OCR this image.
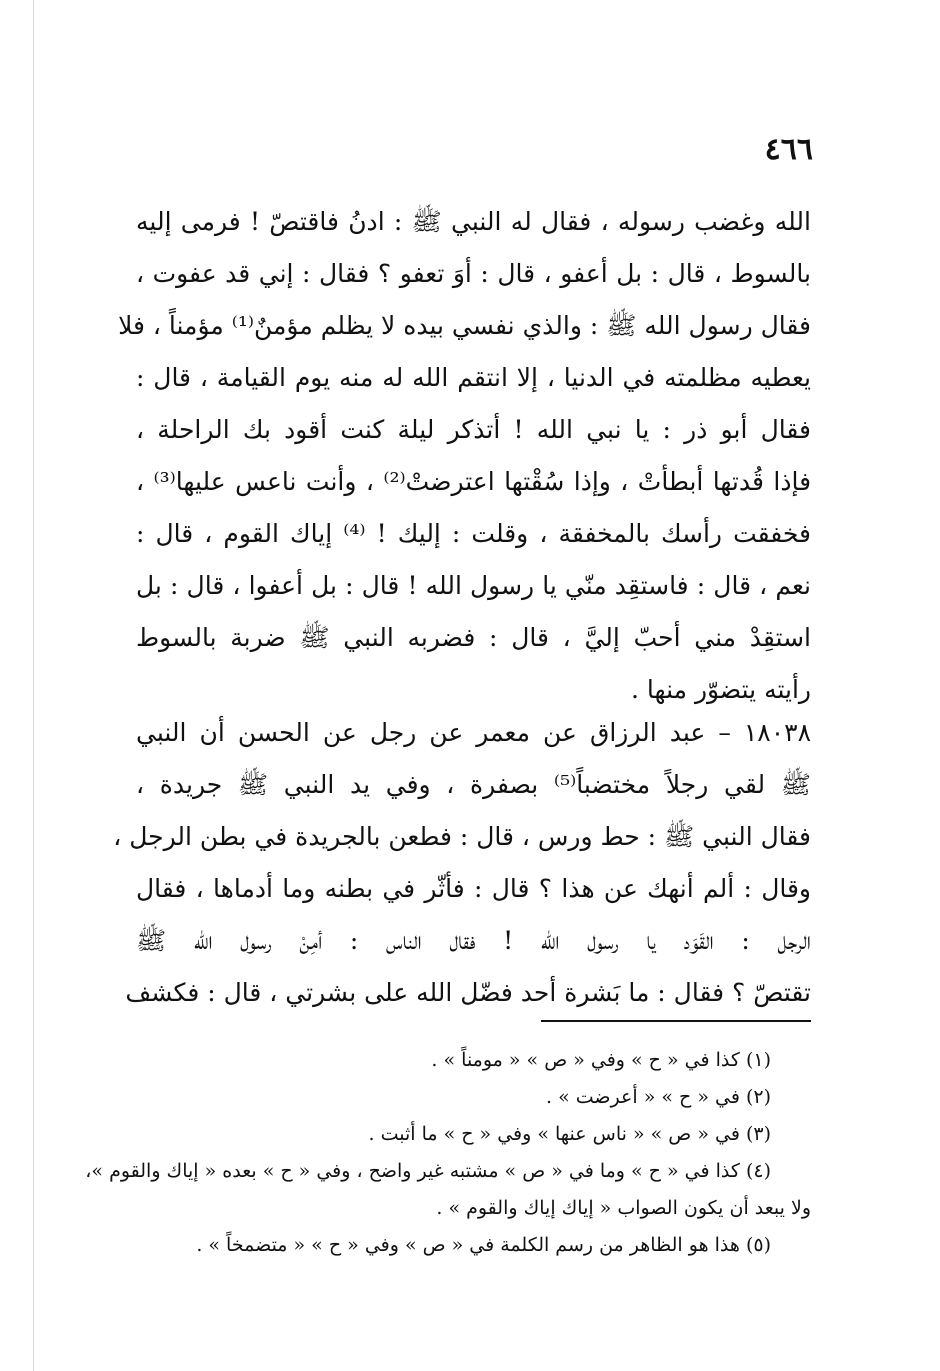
٤٦٦
الله وغضب رسوله ، فقال له النبي ﷺ : ادنُ فاقتصّ ! فرمى إليه
بالسوط ، قال : بل أعفو ، قال : أوَ تعفو ؟ فقال : إني قد عفوت ،
فقال رسول الله ﷺ : والذي نفسي بيده لا يظلم مؤمنٌ⁽¹⁾ مؤمناً ، فلا
يعطيه مظلمته في الدنيا ، إلا انتقم الله له منه يوم القيامة ، قال :
فقال أبو ذر : يا نبي الله ! أتذكر ليلة كنت أقود بك الراحلة ،
فإذا قُدتها أبطأتْ ، وإذا سُقْتها اعترضتْ⁽²⁾ ، وأنت ناعس عليها⁽³⁾ ،
فخفقت رأسك بالمخفقة ، وقلت : إليك ! ⁽⁴⁾ إياك القوم ، قال :
نعم ، قال : فاستقِد منّي يا رسول الله ! قال : بل أعفوا ، قال : بل
استقِدْ مني أحبّ إليَّ ، قال : فضربه النبي ﷺ ضربة بالسوط
رأيته يتضوّر منها .
١٨٠٣٨ – عبد الرزاق عن معمر عن رجل عن الحسن أن النبي
ﷺ لقي رجلاً مختضباً⁽⁵⁾ بصفرة ، وفي يد النبي ﷺ جريدة ،
فقال النبي ﷺ : حط ورس ، قال : فطعن بالجريدة في بطن الرجل ،
وقال : ألم أنهك عن هذا ؟ قال : فأثّر في بطنه وما أدماها ، فقال
الرجل : القَوَد يا رسول الله ! فقال الناس : أمِنْ رسول الله ﷺ
تقتصّ ؟ فقال : ما بَشرة أحد فضّل الله على بشرتي ، قال : فكشف
(١) كذا في « ح » وفي « ص » « مومناً » .
(٢) في « ح » « أعرضت » .
(٣) في « ص » « ناس عنها » وفي « ح » ما أثبت .
(٤) كذا في « ح » وما في « ص » مشتبه غير واضح ، وفي « ح » بعده « إياك والقوم »،
ولا يبعد أن يكون الصواب « إياك إياك والقوم » .
(٥) هذا هو الظاهر من رسم الكلمة في « ص » وفي « ح » « متضمخاً » .
